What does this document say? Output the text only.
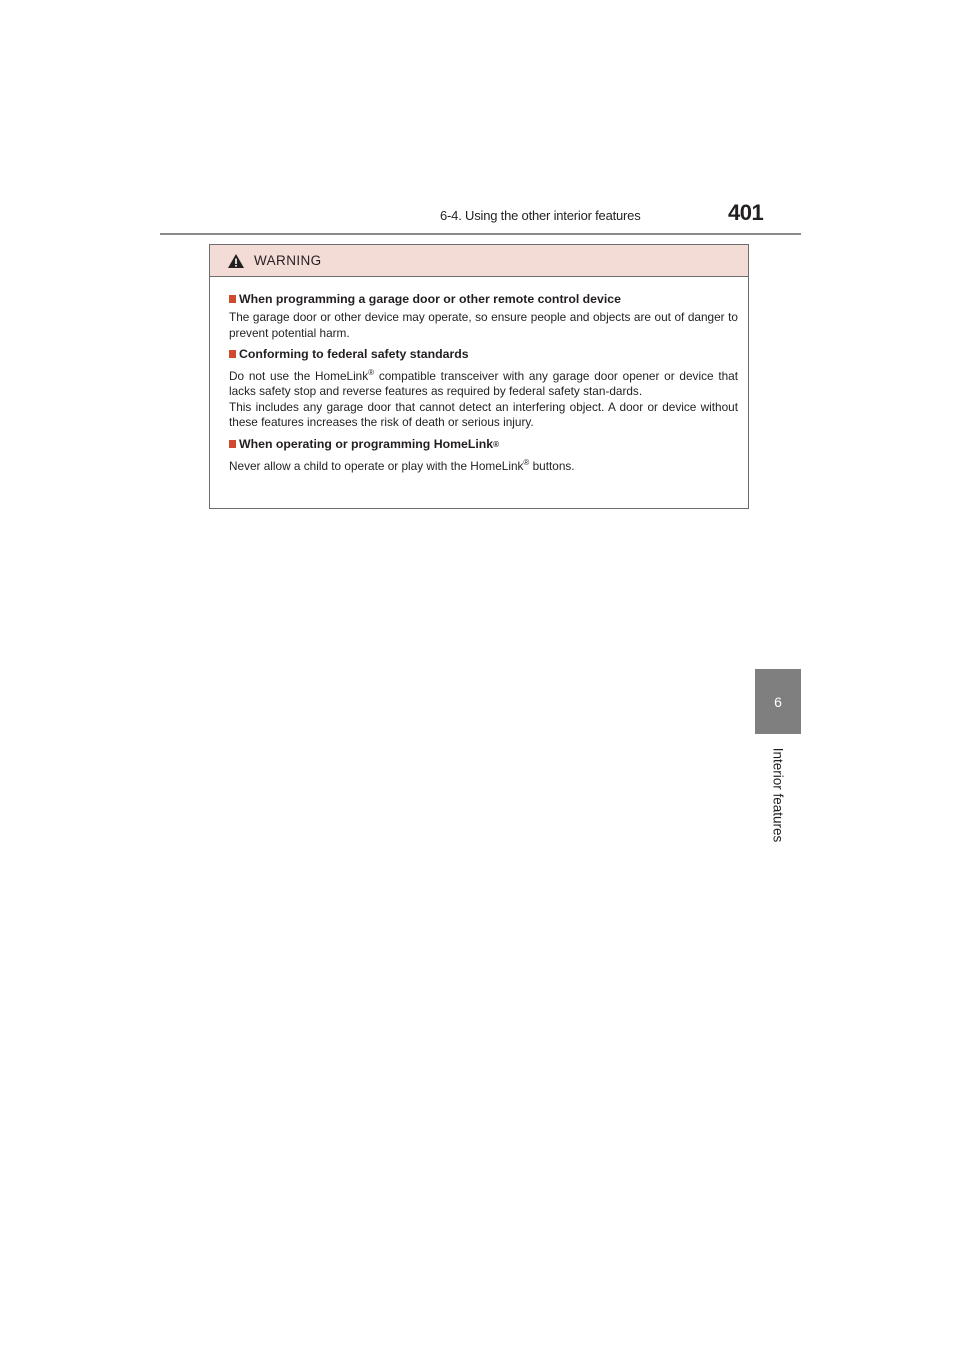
6-4. Using the other interior features	401
6
Interior features
WARNING
When programming a garage door or other remote control device
The garage door or other device may operate, so ensure people and objects are out of danger to prevent potential harm.
Conforming to federal safety standards
Do not use the HomeLink® compatible transceiver with any garage door opener or device that lacks safety stop and reverse features as required by federal safety stan-dards.
This includes any garage door that cannot detect an interfering object. A door or device without these features increases the risk of death or serious injury.
When operating or programming HomeLink ®
Never allow a child to operate or play with the HomeLink® buttons.
